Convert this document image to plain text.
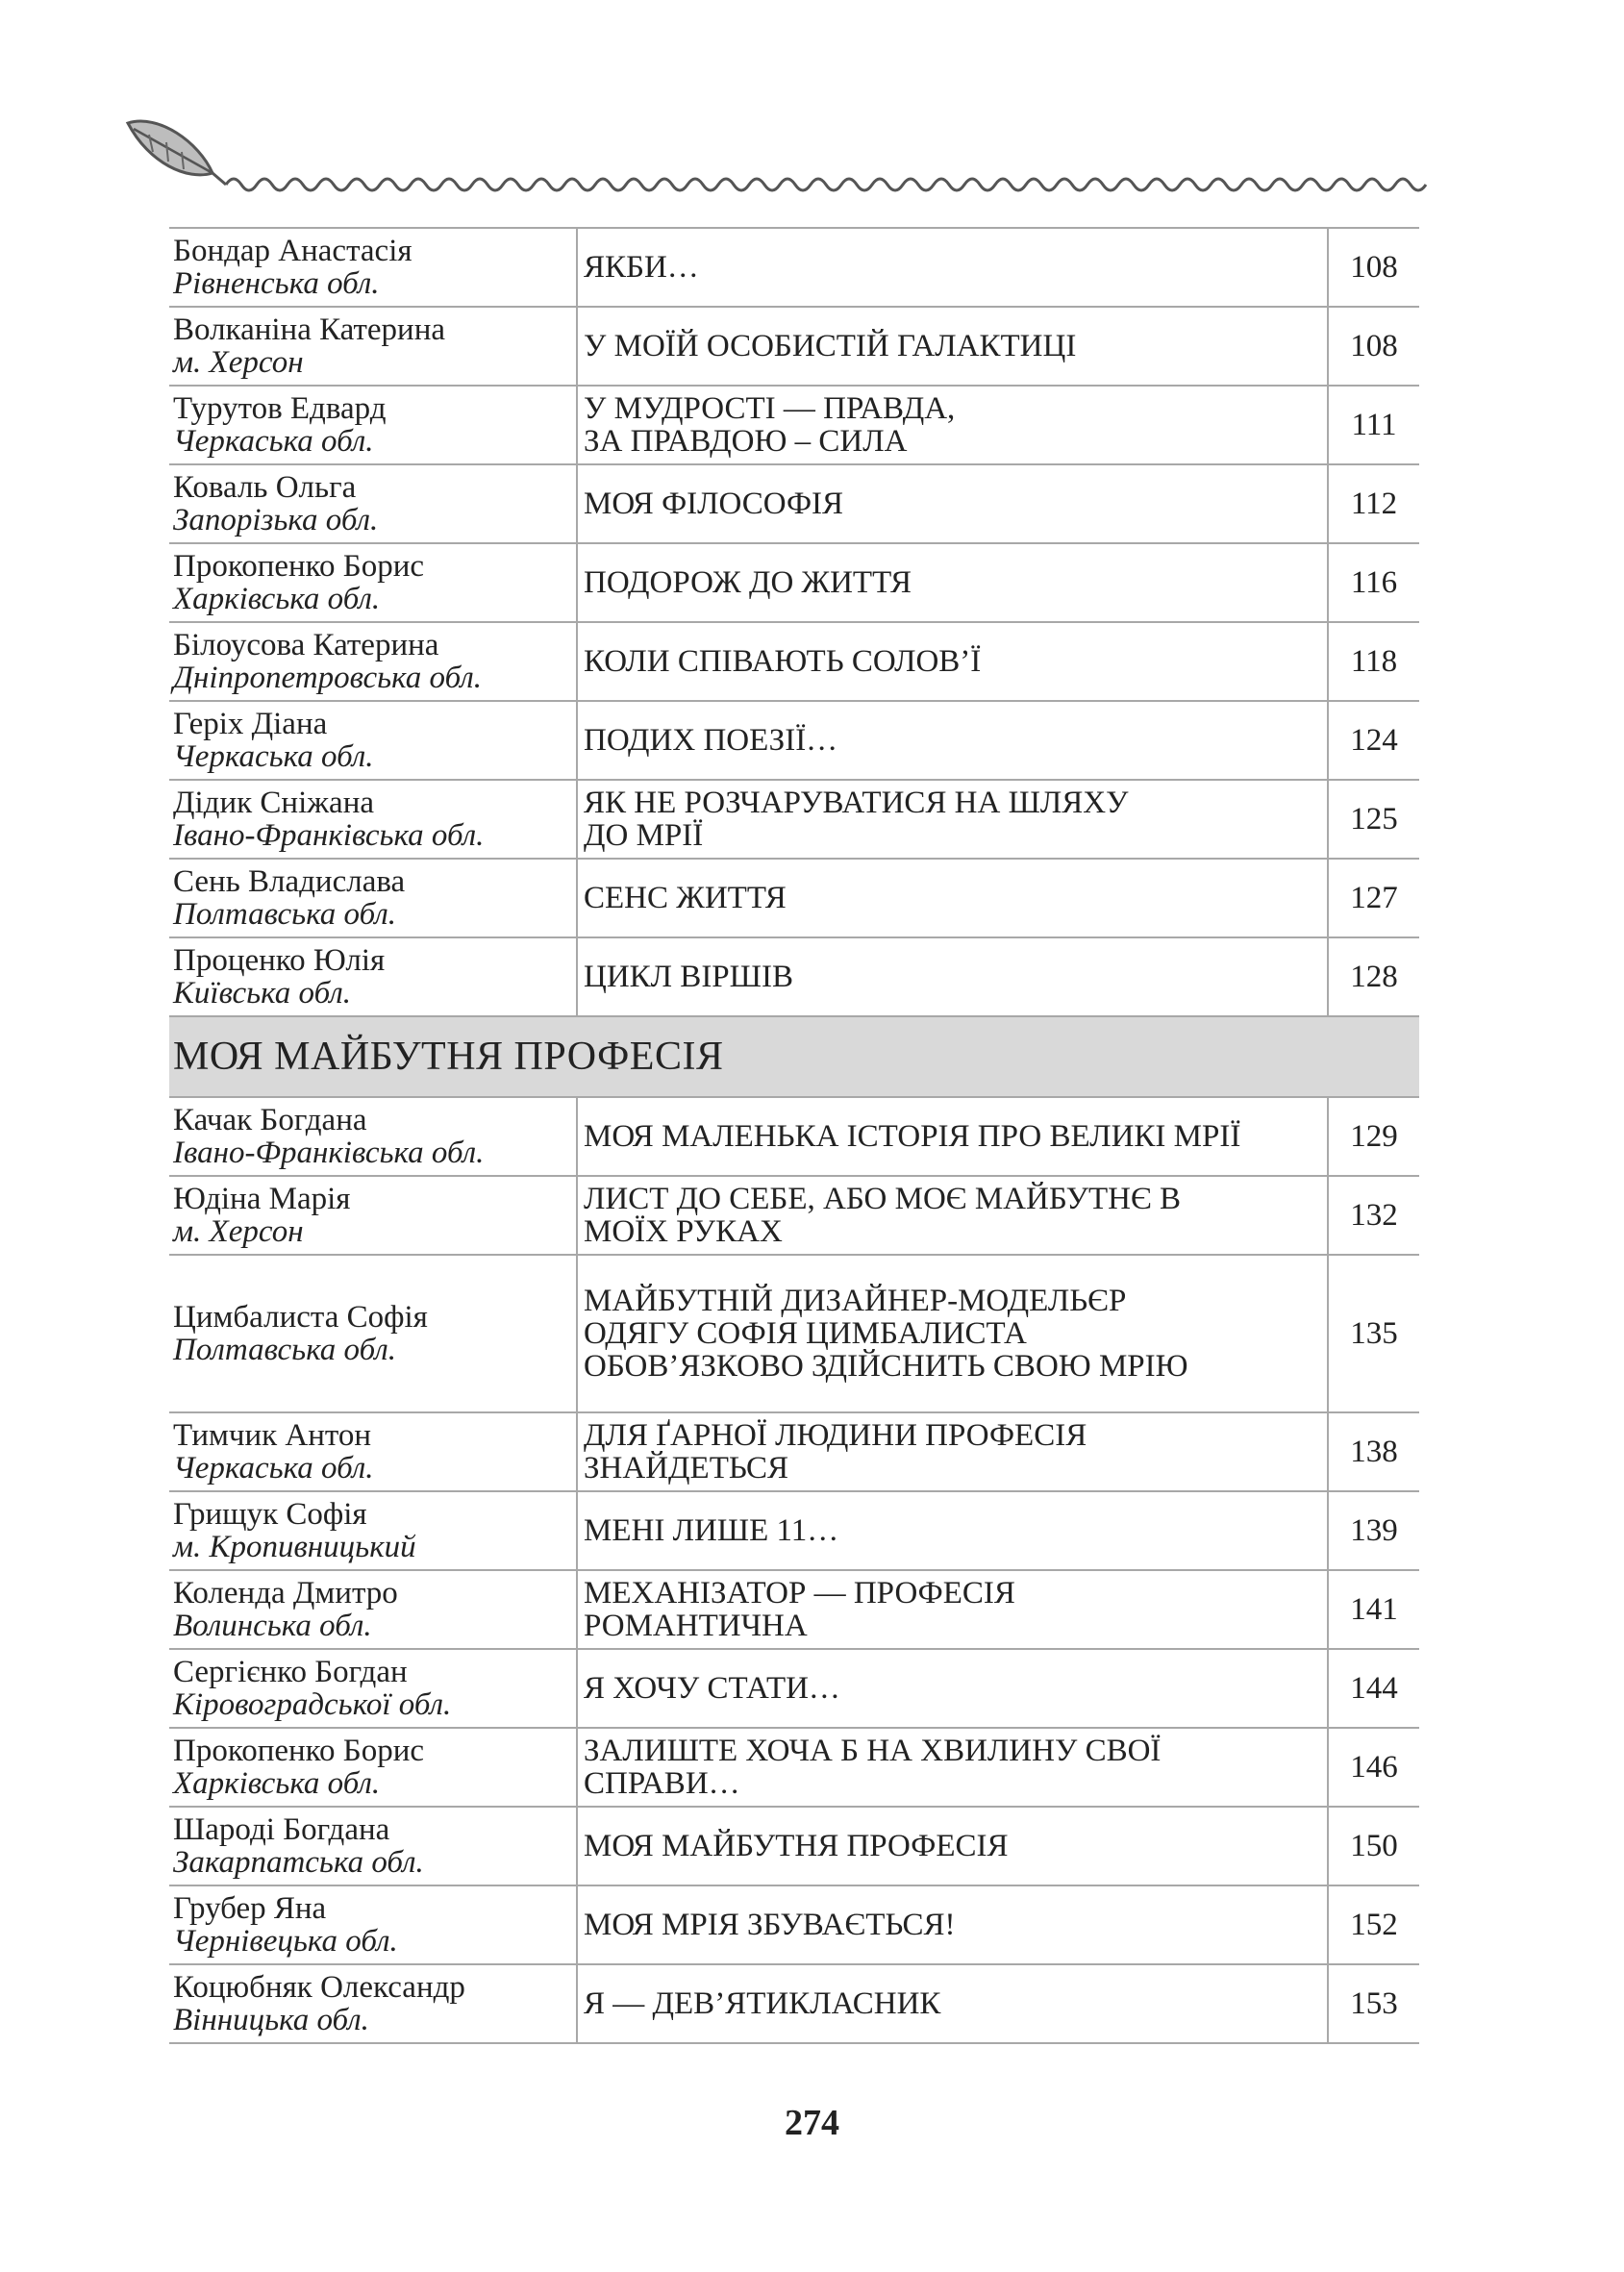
Бондар Анастасія
Рівненська обл.	ЯКБИ…	108

Волканіна Катерина
м. Херсон	У МОЇЙ ОСОБИСТІЙ ГАЛАКТИЦІ	108

Турутов Едвард
Черкаська обл.	У МУДРОСТІ — ПРАВДА,
ЗА ПРАВДОЮ – СИЛА	111

Коваль Ольга
Запорізька обл.	МОЯ ФІЛОСОФІЯ	112

Прокопенко Борис
Харківська обл.	ПОДОРОЖ ДО ЖИТТЯ	116

Білоусова Катерина
Дніпропетровська обл.	КОЛИ СПІВАЮТЬ СОЛОВ’Ї	118

Геріх Діана
Черкаська обл.	ПОДИХ ПОЕЗІЇ…	124

Дідик Сніжана
Івано-Франківська обл.	ЯК НЕ РОЗЧАРУВАТИСЯ НА ШЛЯХУ
ДО МРІЇ	125

Сень Владислава
Полтавська обл.	СЕНС ЖИТТЯ	127

Проценко Юлія
Київська обл.	ЦИКЛ ВІРШІВ	128
МОЯ МАЙБУТНЯ ПРОФЕСІЯ		

Качак Богдана
Івано-Франківська обл.	МОЯ МАЛЕНЬКА ІСТОРІЯ ПРО ВЕЛИКІ МРІЇ	129

Юдіна Марія
м. Херсон	ЛИСТ ДО СЕБЕ, АБО МОЄ МАЙБУТНЄ В
МОЇХ РУКАХ	132

Цимбалиста Софія
Полтавська обл.	МАЙБУТНІЙ ДИЗАЙНЕР-МОДЕЛЬЄР
ОДЯГУ СОФІЯ ЦИМБАЛИСТА
ОБОВ’ЯЗКОВО ЗДІЙСНИТЬ СВОЮ МРІЮ	135

Тимчик Антон
Черкаська обл.	ДЛЯ ҐАРНОЇ ЛЮДИНИ ПРОФЕСІЯ
ЗНАЙДЕТЬСЯ	138

Грищук Софія
м. Кропивницький	МЕНІ ЛИШЕ 11…	139

Коленда Дмитро
Волинська обл.	МЕХАНІЗАТОР — ПРОФЕСІЯ
РОМАНТИЧНА	141

Сергієнко Богдан
Кіровоградської обл.	Я ХОЧУ СТАТИ…	144

Прокопенко Борис
Харківська обл.	ЗАЛИШТЕ ХОЧА Б НА ХВИЛИНУ СВОЇ
СПРАВИ…	146

Шароді Богдана
Закарпатська обл.	МОЯ МАЙБУТНЯ ПРОФЕСІЯ	150

Грубер Яна
Чернівецька обл.	МОЯ МРІЯ ЗБУВАЄТЬСЯ!	152

Коцюбняк Олександр
Вінницька обл.	Я — ДЕВ’ЯТИКЛАСНИК	153
274
